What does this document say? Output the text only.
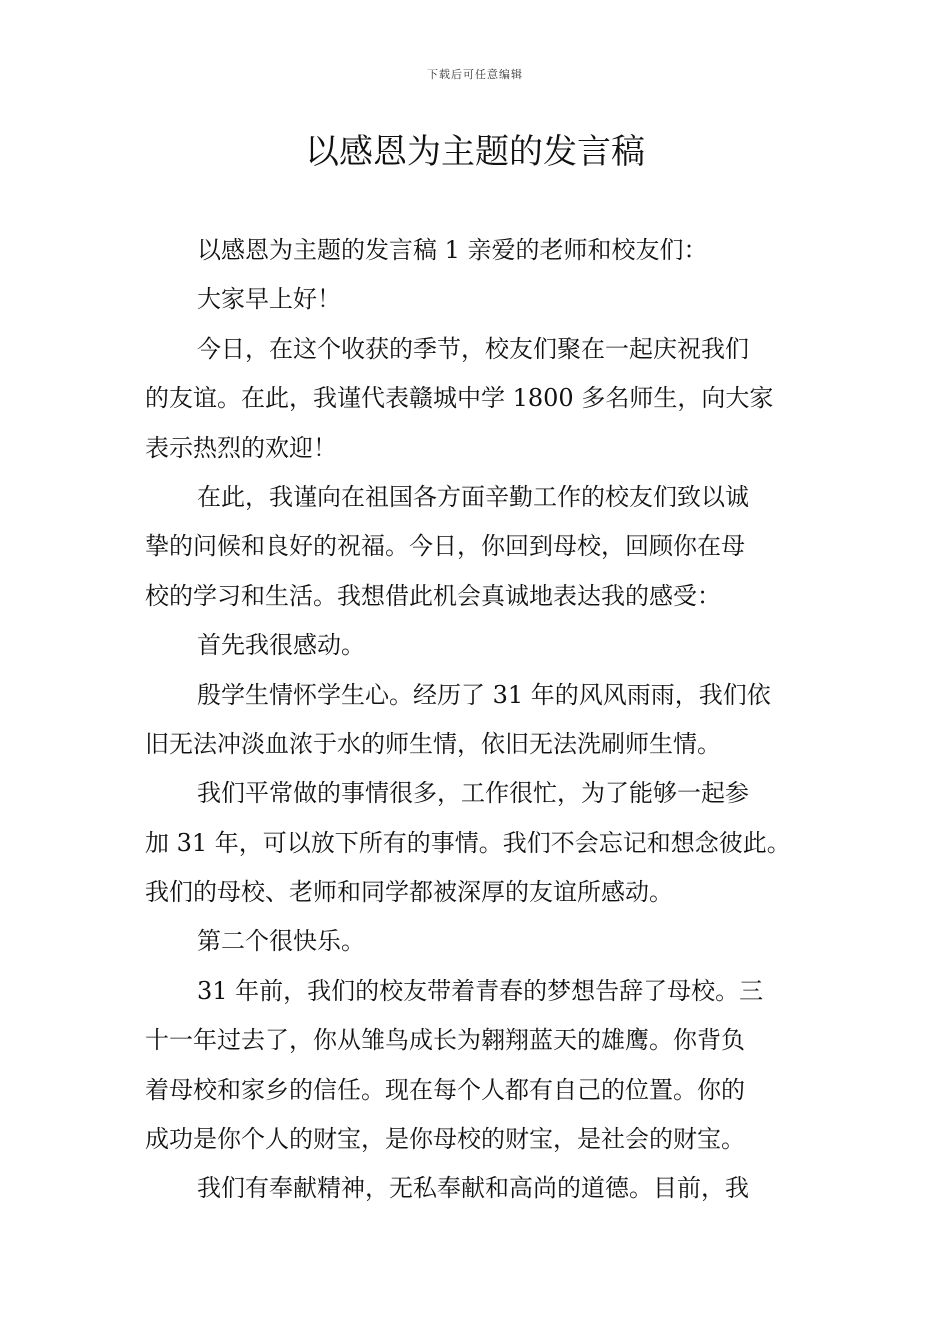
下载后可任意编辑
以感恩为主题的发言稿
以感恩为主题的发言稿 1 亲爱的老师和校友们：
大家早上好！
今日，在这个收获的季节，校友们聚在一起庆祝我们
的友谊。在此，我谨代表赣城中学 1800 多名师生，向大家
表示热烈的欢迎！
在此，我谨向在祖国各方面辛勤工作的校友们致以诚
挚的问候和良好的祝福。今日，你回到母校，回顾你在母
校的学习和生活。我想借此机会真诚地表达我的感受：
首先我很感动。
殷学生情怀学生心。经历了 31 年的风风雨雨，我们依
旧无法冲淡血浓于水的师生情，依旧无法洗刷师生情。
我们平常做的事情很多，工作很忙，为了能够一起参
加 31 年，可以放下所有的事情。我们不会忘记和想念彼此。
我们的母校、老师和同学都被深厚的友谊所感动。
第二个很快乐。
31 年前，我们的校友带着青春的梦想告辞了母校。三
十一年过去了，你从雏鸟成长为翱翔蓝天的雄鹰。你背负
着母校和家乡的信任。现在每个人都有自己的位置。你的
成功是你个人的财宝，是你母校的财宝，是社会的财宝。
我们有奉献精神，无私奉献和高尚的道德。目前，我
